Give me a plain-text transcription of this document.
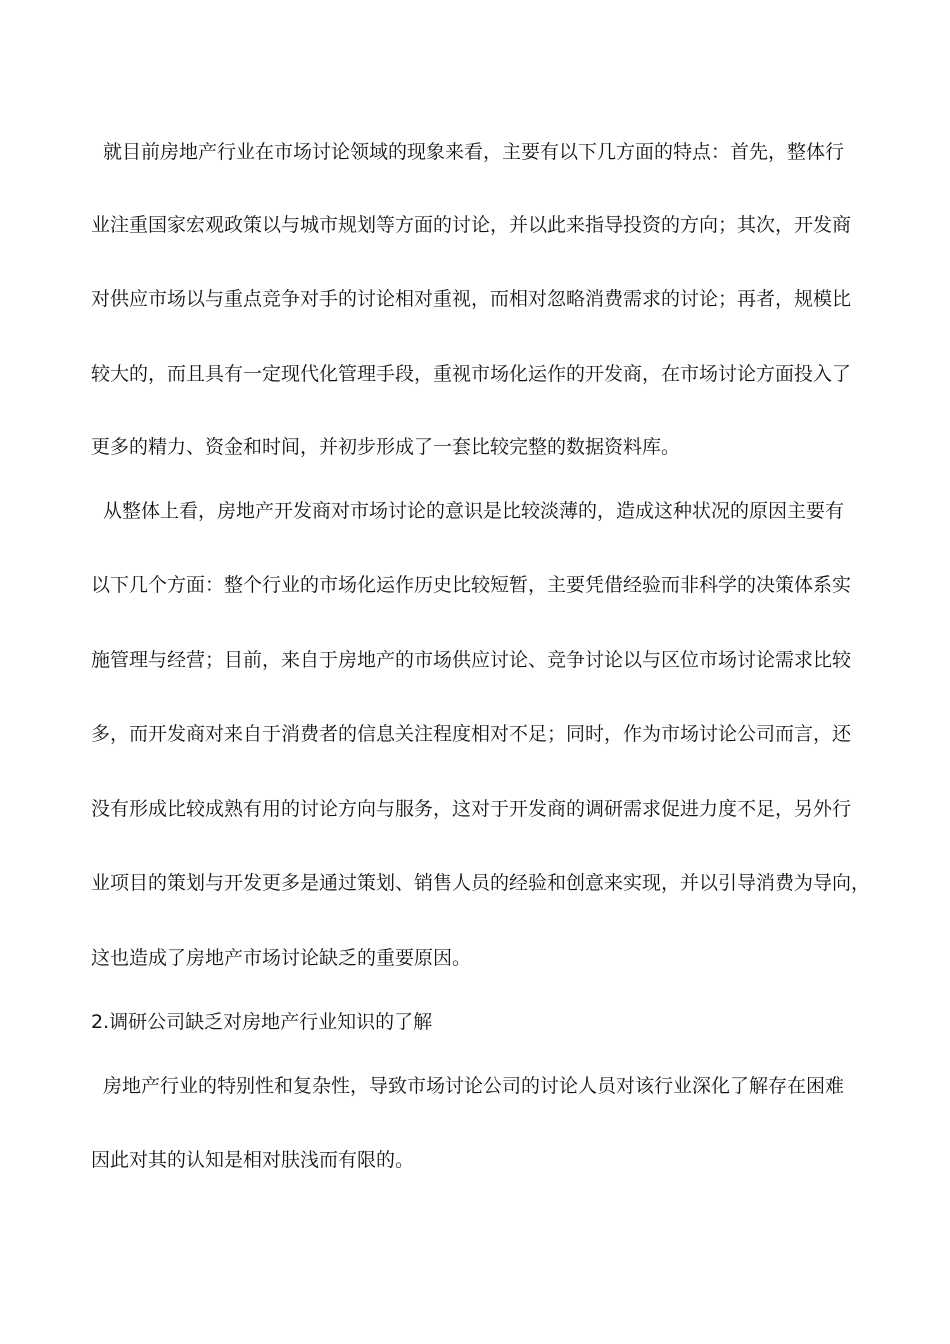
就目前房地产行业在市场讨论领域的现象来看，主要有以下几方面的特点：首先，整体行
业注重国家宏观政策以与城市规划等方面的讨论，并以此来指导投资的方向；其次，开发商
对供应市场以与重点竞争对手的讨论相对重视，而相对忽略消费需求的讨论；再者，规模比
较大的，而且具有一定现代化管理手段，重视市场化运作的开发商，在市场讨论方面投入了
更多的精力、资金和时间，并初步形成了一套比较完整的数据资料库。
从整体上看，房地产开发商对市场讨论的意识是比较淡薄的，造成这种状况的原因主要有
以下几个方面：整个行业的市场化运作历史比较短暂，主要凭借经验而非科学的决策体系实
施管理与经营；目前，来自于房地产的市场供应讨论、竞争讨论以与区位市场讨论需求比较
多，而开发商对来自于消费者的信息关注程度相对不足；同时，作为市场讨论公司而言，还
没有形成比较成熟有用的讨论方向与服务，这对于开发商的调研需求促进力度不足，另外行
业项目的策划与开发更多是通过策划、销售人员的经验和创意来实现，并以引导消费为导向，
这也造成了房地产市场讨论缺乏的重要原因。
2.调研公司缺乏对房地产行业知识的了解
房地产行业的特别性和复杂性，导致市场讨论公司的讨论人员对该行业深化了解存在困难
因此对其的认知是相对肤浅而有限的。
